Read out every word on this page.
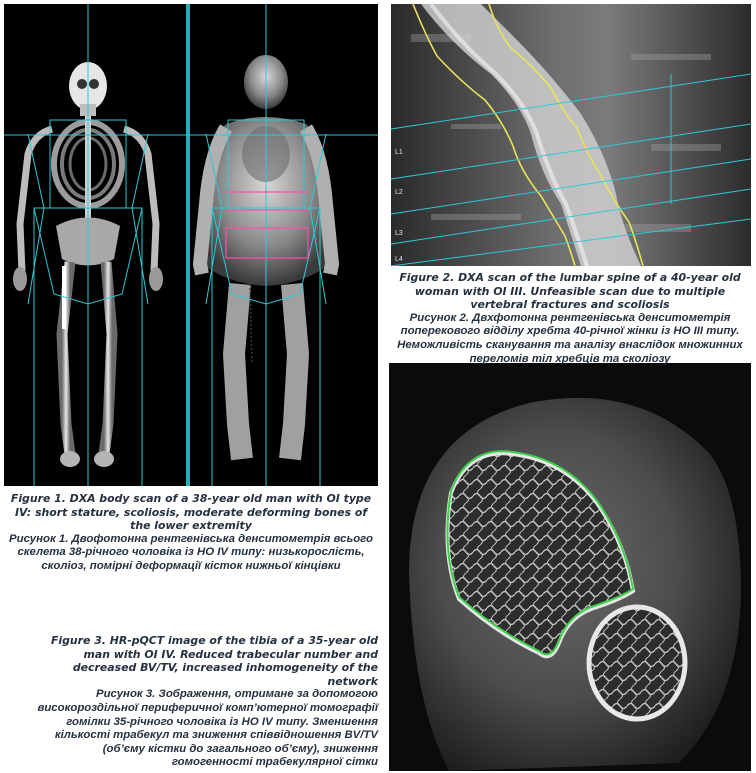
L1
L2
L3
L4

Figure 1. DXA body scan of a 38-year old man with OI type IV: short stature, scoliosis, moderate deforming bones of the lower extremity

Рисунок 1. Двофотонна рентгенівська денситометрія всього скелета 38-річного чоловіка із НО IV типу: низькорослість, сколіоз, помірні деформації кісток нижньої кінцівки

Figure 2. DXA scan of the lumbar spine of a 40-year old woman with OI III. Unfeasible scan due to multiple vertebral fractures and scoliosis

Рисунок 2. Двхфотонна рентгенівська денситометрія поперекового відділу хребта 40-річної жінки із НО III типу. Неможливість сканування та аналізу внаслідок множинних переломів тіл хребців та сколіозу

Figure 3. HR-pQCT image of the tibia of a 35-year old man with OI IV. Reduced trabecular number and decreased BV/TV, increased inhomogeneity of the network

Рисунок 3. Зображення, отримане за допомогою високороздільної периферичної комп’ютерної томографії гомілки 35-річного чоловіка із НО IV типу. Зменшення кількості трабекул та зниження співвідношення BV/TV (об’єму кістки до загального об’єму), зниження гомогенності трабекулярної сітки
